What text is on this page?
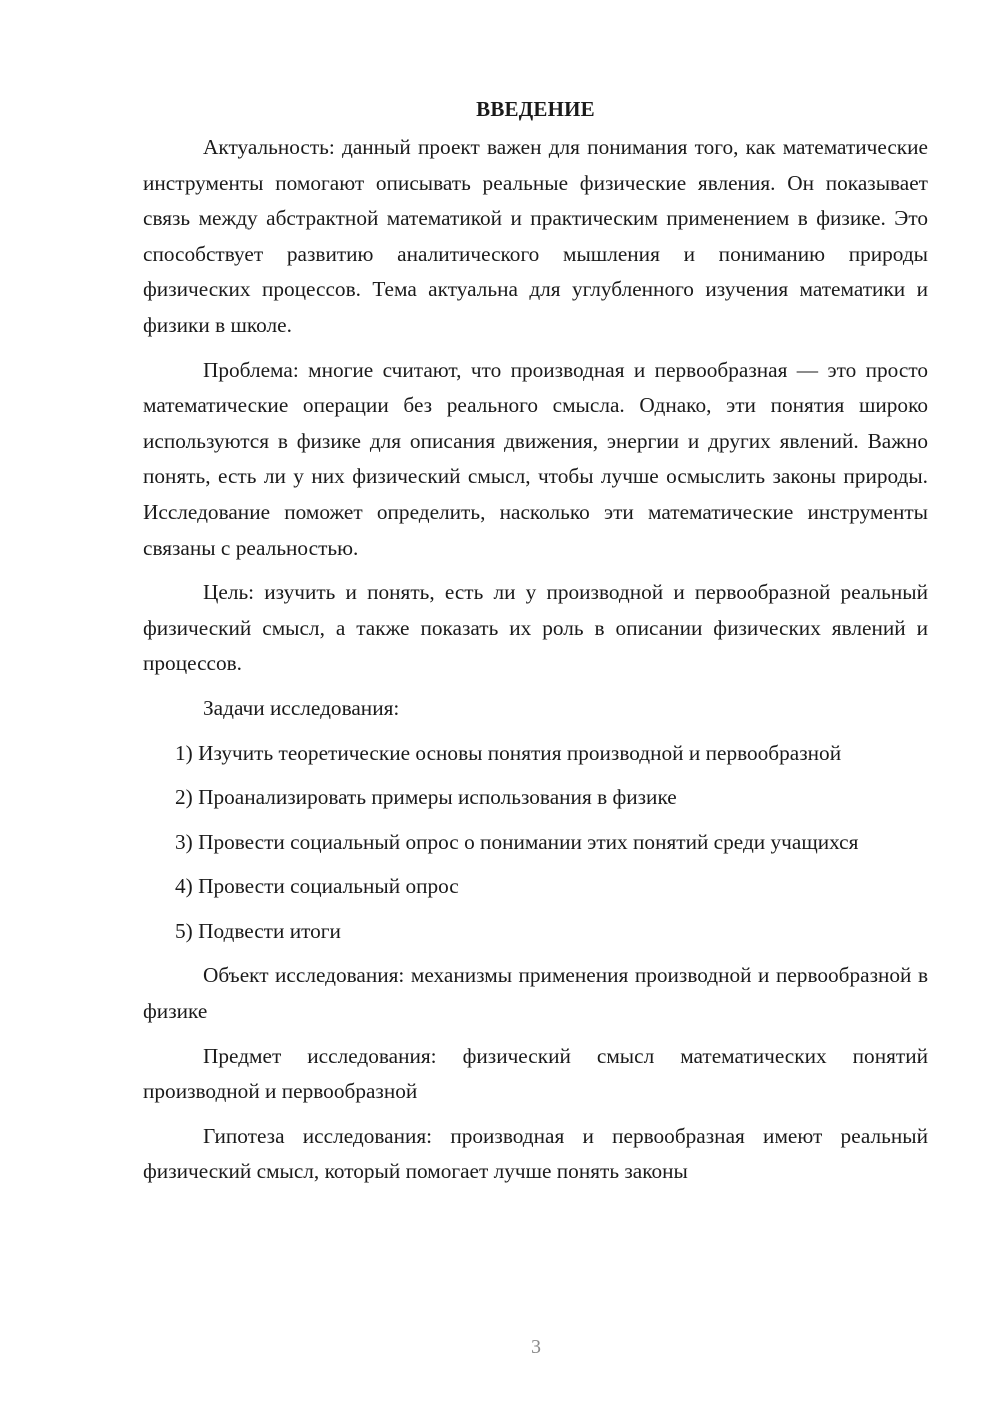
ВВЕДЕНИЕ

Актуальность: данный проект важен для понимания того, как математические инструменты помогают описывать реальные физические явления. Он показывает связь между абстрактной математикой и практическим применением в физике. Это способствует развитию аналитического мышления и пониманию природы физических процессов. Тема актуальна для углубленного изучения математики и физики в школе.

Проблема: многие считают, что производная и первообразная — это просто математические операции без реального смысла. Однако, эти понятия широко используются в физике для описания движения, энергии и других явлений. Важно понять, есть ли у них физический смысл, чтобы лучше осмыслить законы природы. Исследование поможет определить, насколько эти математические инструменты связаны с реальностью.

Цель: изучить и понять, есть ли у производной и первообразной реальный физический смысл, а также показать их роль в описании физических явлений и процессов.

Задачи исследования:

1) Изучить теоретические основы понятия производной и первообразной

2) Проанализировать примеры использования в физике

3) Провести социальный опрос о понимании этих понятий среди учащихся

4) Провести социальный опрос

5) Подвести итоги

Объект исследования: механизмы применения производной и первообразной в физике

Предмет исследования: физический смысл математических понятий производной и первообразной

Гипотеза исследования: производная и первообразная имеют реальный физический смысл, который помогает лучше понять законы

3
